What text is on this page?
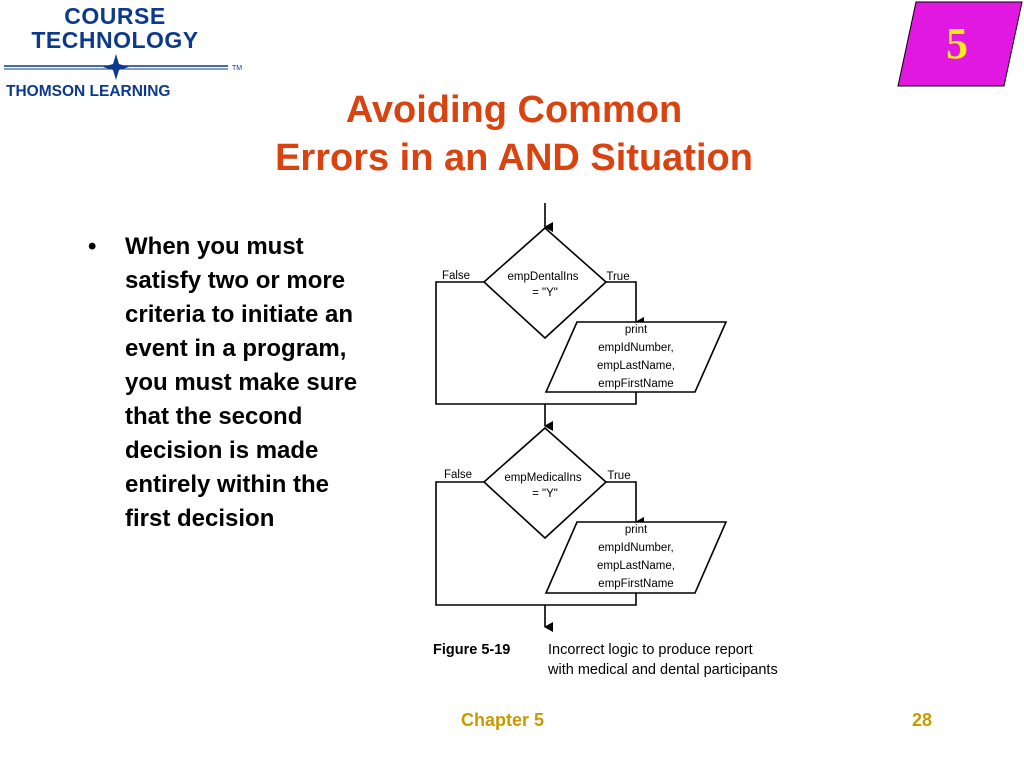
COURSE
TECHNOLOGY
TM
THOMSON LEARNING
5
Avoiding Common
Errors in an AND Situation
• When you must satisfy two or more criteria to initiate an event in a program, you must make sure that the second decision is made entirely within the first decision
empDentalIns
= "Y"
False	True
print
empIdNumber,
empLastName,
empFirstName
empMedicalIns
= "Y"
False	True
print
empIdNumber,
empLastName,
empFirstName
Figure 5-19	Incorrect logic to produce report
with medical and dental participants
Chapter 5	28
